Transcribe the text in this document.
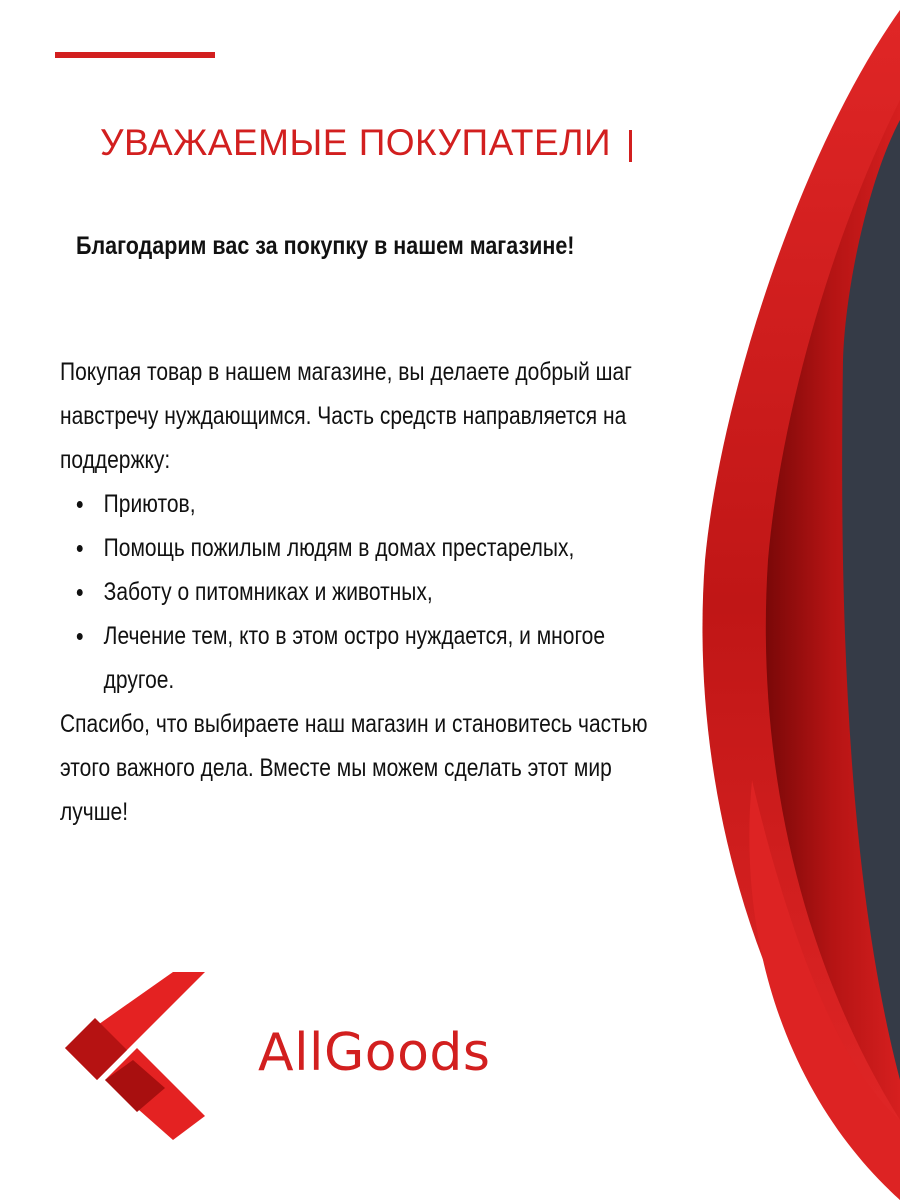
УВАЖАЕМЫЕ ПОКУПАТЕЛИ
Благодарим вас за покупку в нашем магазине!

Покупая товар в нашем магазине, вы делаете добрый шаг навстречу нуждающимся. Часть средств направляется на поддержку:

Приютов,
Помощь пожилым людям в домах престарелых,
Заботу о питомниках и животных,
Лечение тем, кто в этом остро нуждается, и многое другое.

Спасибо, что выбираете наш магазин и становитесь частью этого важного дела. Вместе мы можем сделать этот мир лучше!

AllGoods
